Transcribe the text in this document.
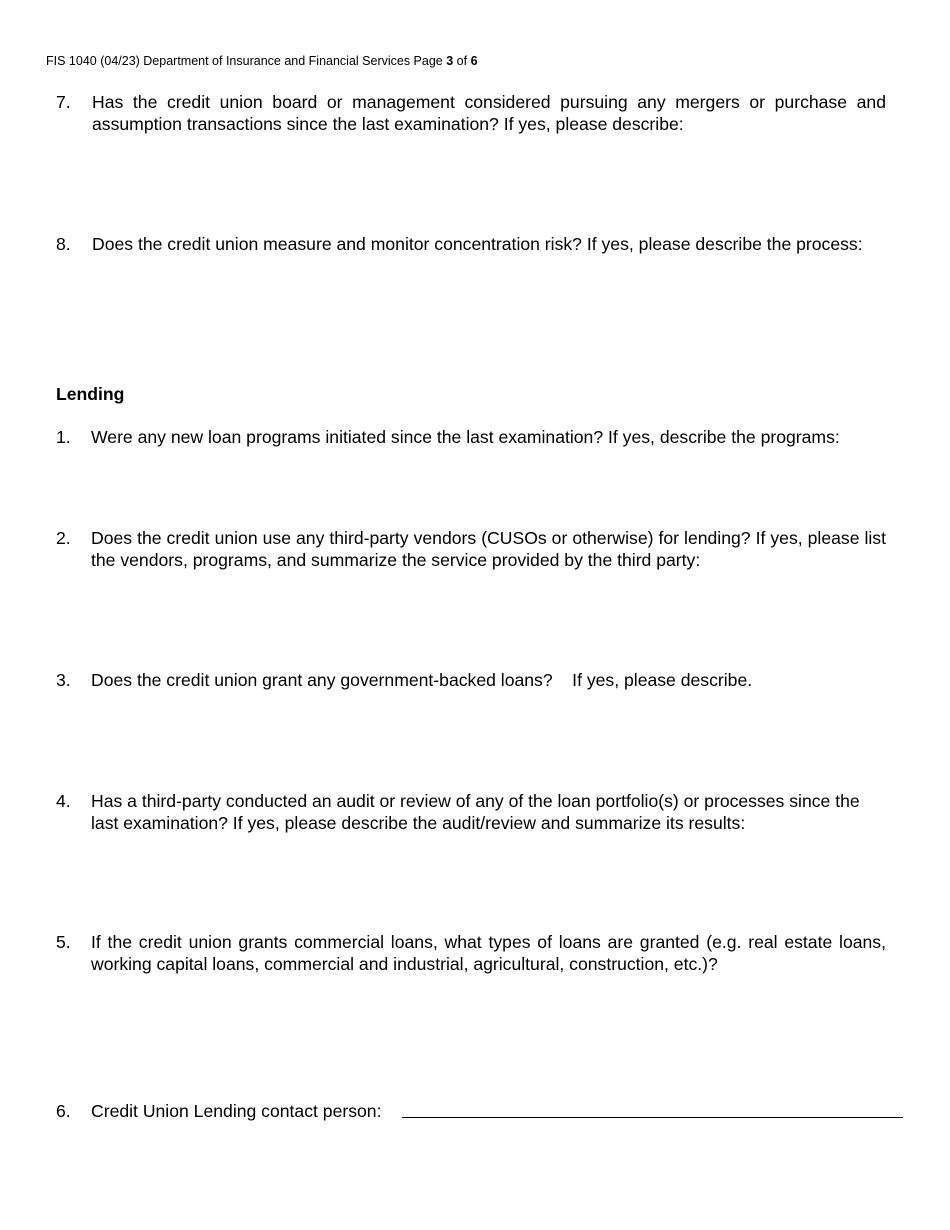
FIS 1040 (04/23) Department of Insurance and Financial Services Page 3 of 6
7. Has the credit union board or management considered pursuing any mergers or purchase and assumption transactions since the last examination? If yes, please describe:
8. Does the credit union measure and monitor concentration risk? If yes, please describe the process:
Lending
1. Were any new loan programs initiated since the last examination? If yes, describe the programs:
2. Does the credit union use any third-party vendors (CUSOs or otherwise) for lending? If yes, please list the vendors, programs, and summarize the service provided by the third party:
3. Does the credit union grant any government-backed loans?    If yes, please describe.
4. Has a third-party conducted an audit or review of any of the loan portfolio(s) or processes since the last examination? If yes, please describe the audit/review and summarize its results:
5. If the credit union grants commercial loans, what types of loans are granted (e.g. real estate loans, working capital loans, commercial and industrial, agricultural, construction, etc.)?
6. Credit Union Lending contact person:
